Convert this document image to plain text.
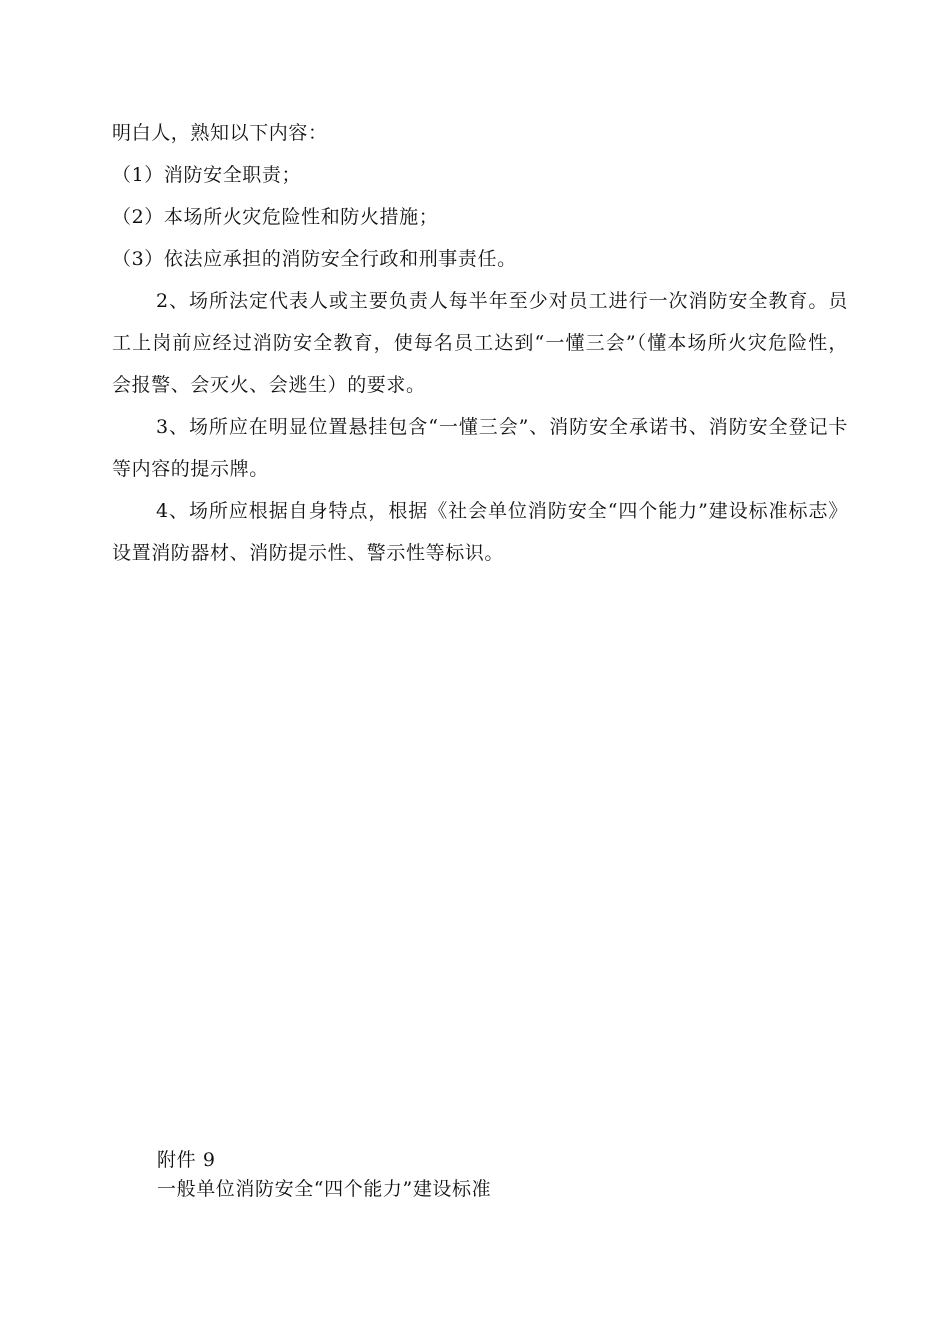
明白人，熟知以下内容：

（1）消防安全职责；

（2）本场所火灾危险性和防火措施；

（3）依法应承担的消防安全行政和刑事责任。

2、场所法定代表人或主要负责人每半年至少对员工进行一次消防安全教育。员工上岗前应经过消防安全教育，使每名员工达到“一懂三会”（懂本场所火灾危险性，会报警、会灭火、会逃生）的要求。

3、场所应在明显位置悬挂包含“一懂三会”、消防安全承诺书、消防安全登记卡等内容的提示牌。

4、场所应根据自身特点，根据《社会单位消防安全“四个能力”建设标准标志》设置消防器材、消防提示性、警示性等标识。

附件 9

一般单位消防安全“四个能力”建设标准
